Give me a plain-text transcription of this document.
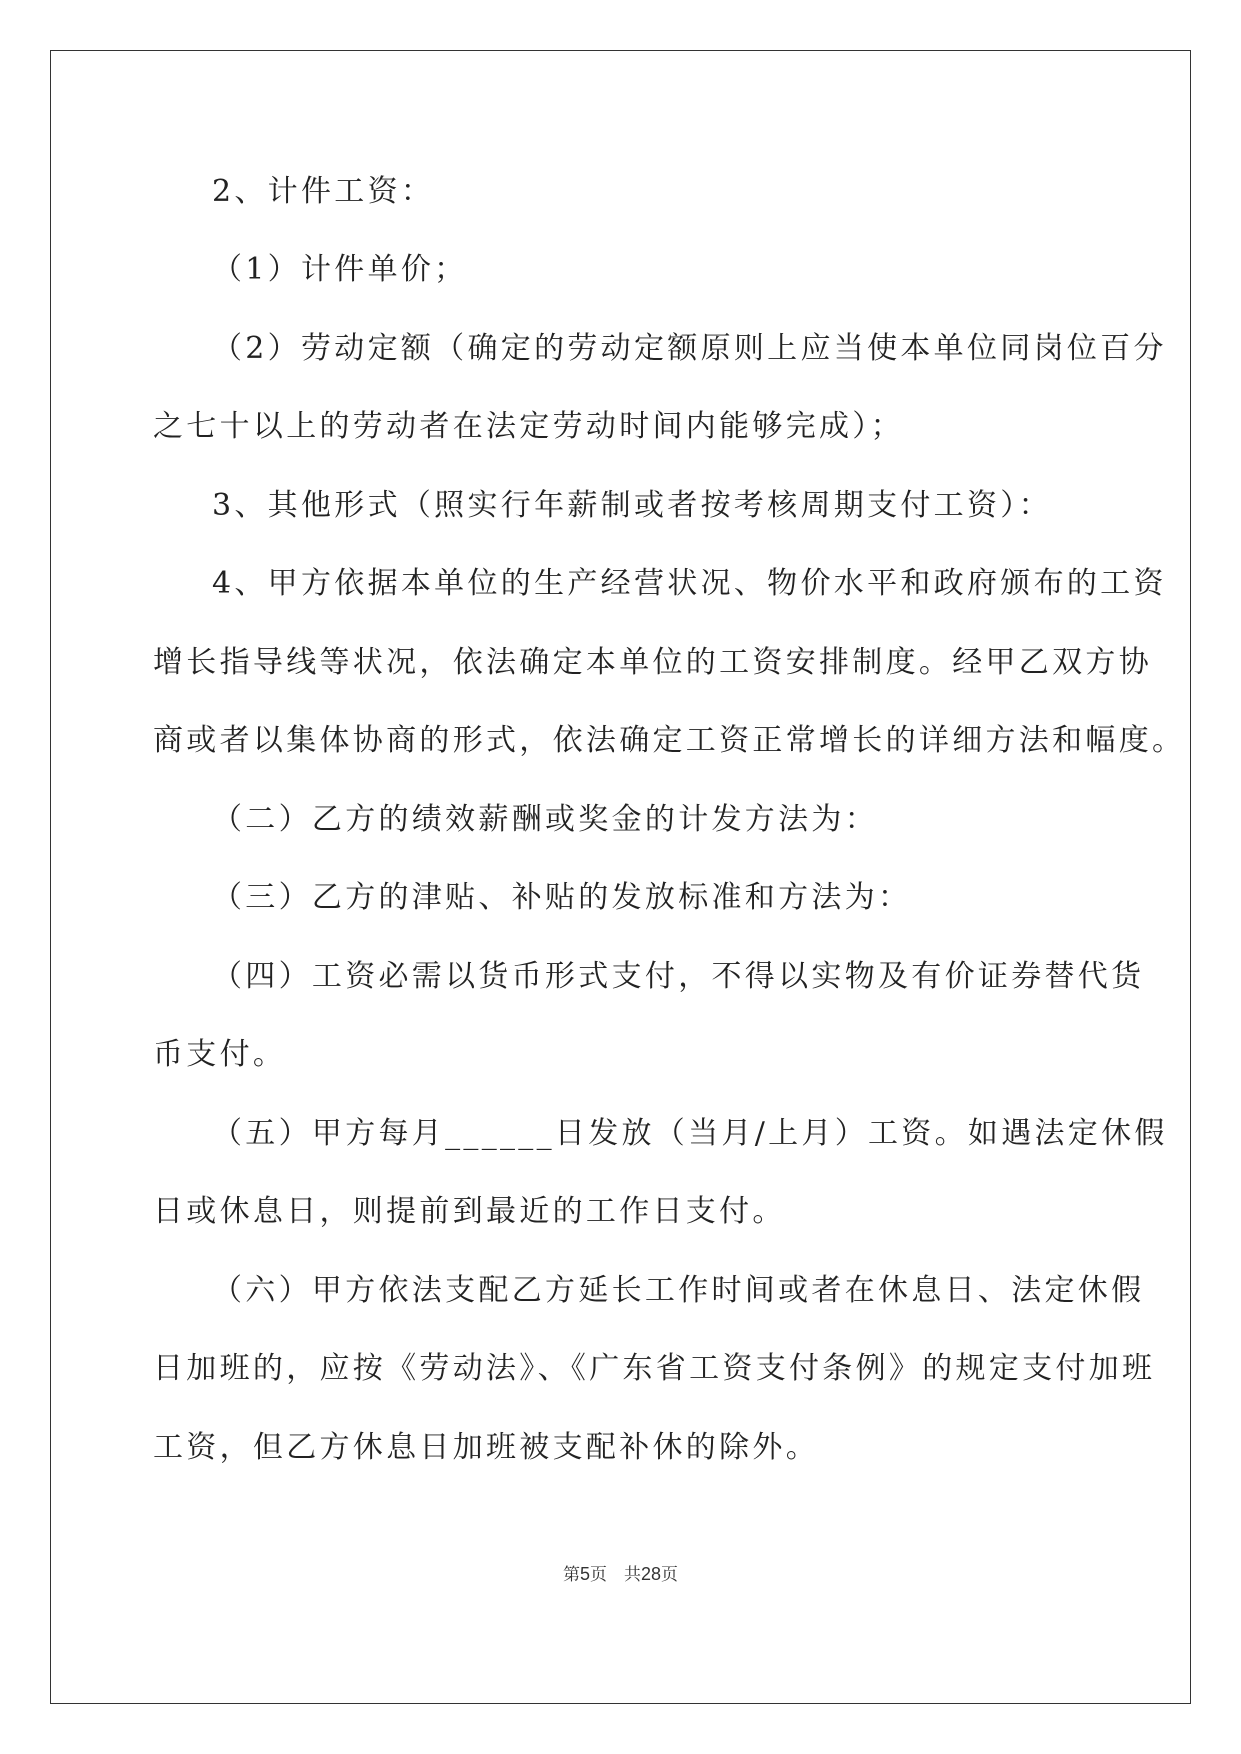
2、计件工资：
（1）计件单价；
（2）劳动定额（确定的劳动定额原则上应当使本单位同岗位百分
之七十以上的劳动者在法定劳动时间内能够完成）；
3、其他形式（照实行年薪制或者按考核周期支付工资）：
4、甲方依据本单位的生产经营状况、物价水平和政府颁布的工资
增长指导线等状况，依法确定本单位的工资安排制度。经甲乙双方协
商或者以集体协商的形式，依法确定工资正常增长的详细方法和幅度。
（二）乙方的绩效薪酬或奖金的计发方法为：
（三）乙方的津贴、补贴的发放标准和方法为：
（四）工资必需以货币形式支付，不得以实物及有价证券替代货
币支付。
（五）甲方每月______日发放（当月/上月）工资。如遇法定休假
日或休息日，则提前到最近的工作日支付。
（六）甲方依法支配乙方延长工作时间或者在休息日、法定休假
日加班的，应按《劳动法》、《广东省工资支付条例》的规定支付加班
工资，但乙方休息日加班被支配补休的除外。
第5页　共28页
